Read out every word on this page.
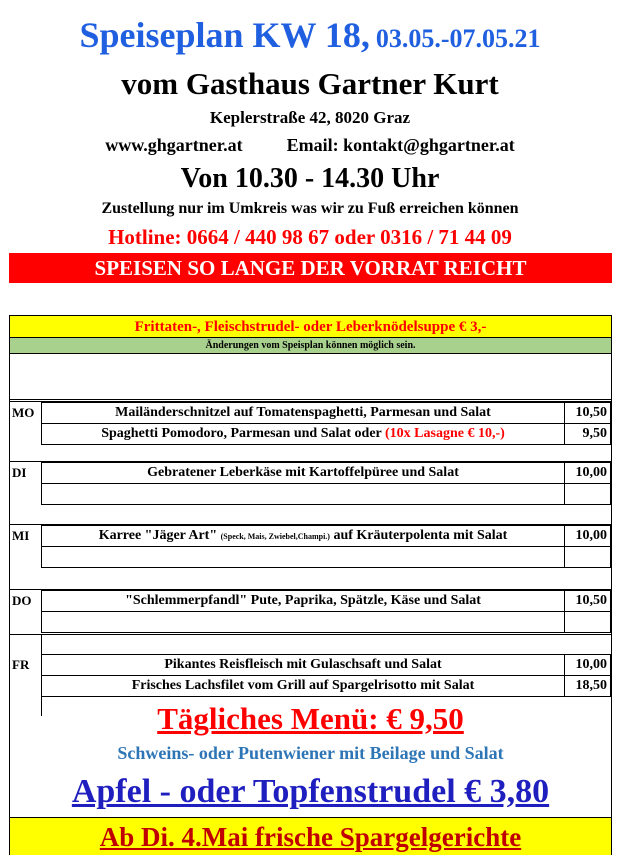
Speiseplan KW 18, 03.05.-07.05.21
vom Gasthaus Gartner Kurt
Keplerstraße 42, 8020 Graz
www.ghgartner.at Email: kontakt@ghgartner.at
Von 10.30 - 14.30 Uhr
Zustellung nur im Umkreis was wir zu Fuß erreichen können
Hotline: 0664 / 440 98 67 oder 0316 / 71 44 09
SPEISEN SO LANGE DER VORRAT REICHT
Frittaten-, Fleischstrudel- oder Leberknödelsuppe € 3,-
Änderungen vom Speisplan können möglich sein.
MO	Mailänderschnitzel auf Tomatenspaghetti, Parmesan und Salat	10,50
Spaghetti Pomodoro, Parmesan und Salat oder (10x Lasagne € 10,-)	9,50
DI	Gebratener Leberkäse mit Kartoffelpüree und Salat	10,00
MI	Karree "Jäger Art" (Speck, Mais, Zwiebel,Champi.) auf Kräuterpolenta mit Salat	10,00
DO	"Schlemmerpfandl" Pute, Paprika, Spätzle, Käse und Salat	10,50
FR	Pikantes Reisfleisch mit Gulaschsaft und Salat	10,00
Frisches Lachsfilet vom Grill auf Spargelrisotto mit Salat	18,50
Tägliches Menü: € 9,50
Schweins- oder Putenwiener mit Beilage und Salat
Apfel - oder Topfenstrudel € 3,80
Ab Di. 4.Mai frische Spargelgerichte
